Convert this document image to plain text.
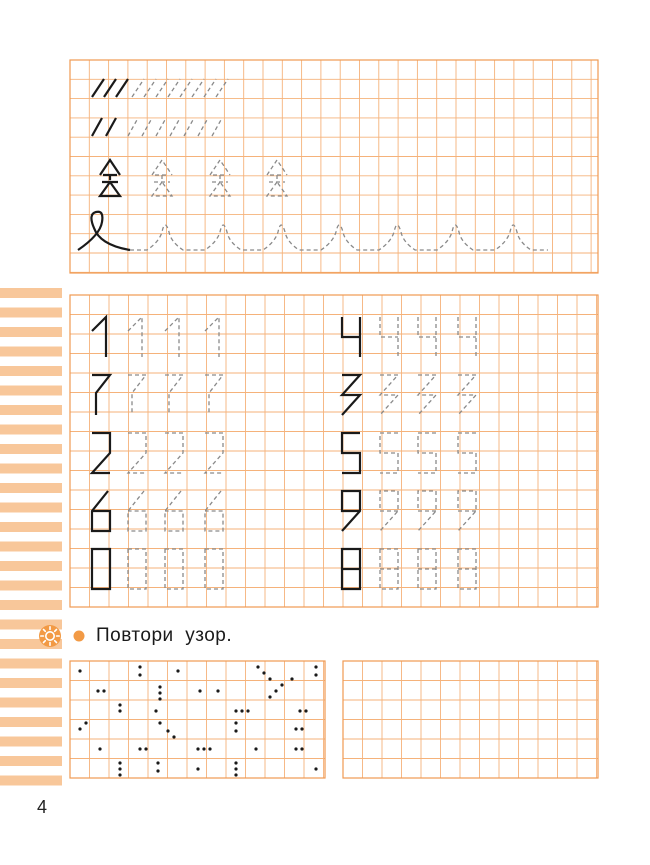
Повтори  узор.
4
